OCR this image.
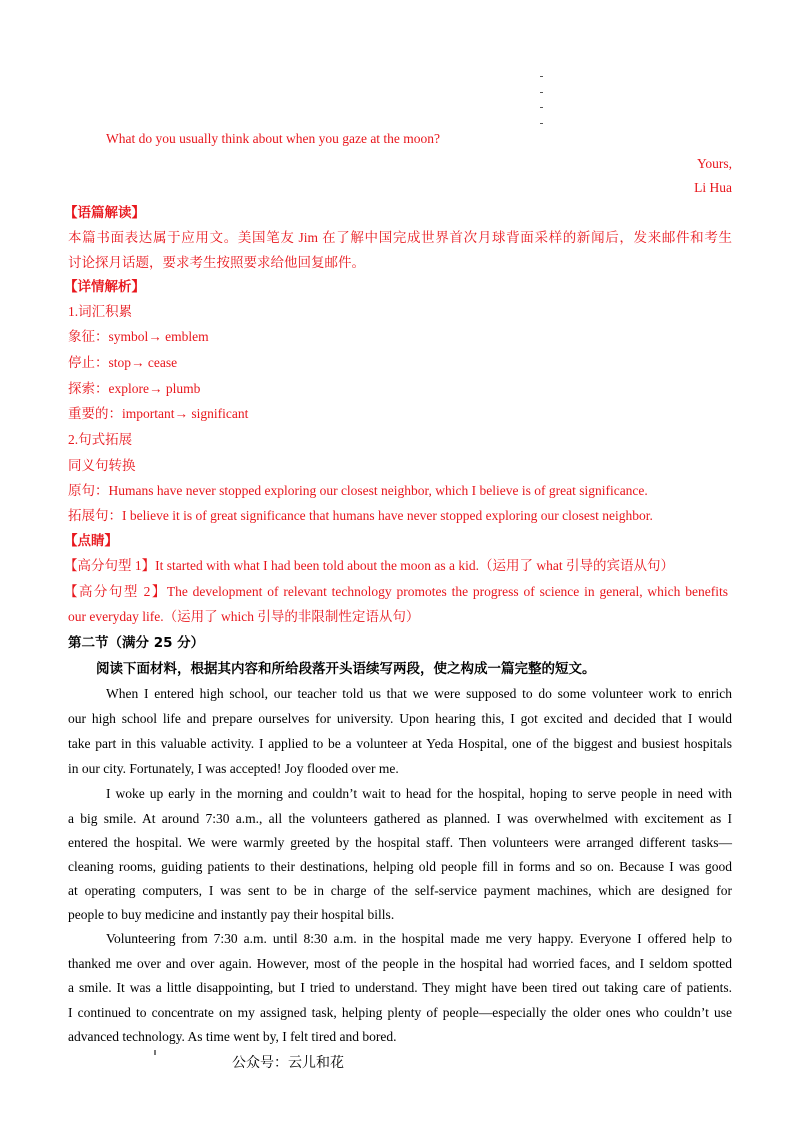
What do you usually think about when you gaze at the moon?
Yours,
Li Hua
【语篇解读】
本篇书面表达属于应用文。美国笔友 Jim 在了解中国完成世界首次月球背面采样的新闻后，发来邮件和考生
讨论探月话题，要求考生按照要求给他回复邮件。
【详情解析】
1.词汇积累
象征：symbol→ emblem
停止：stop→ cease
探索：explore→ plumb
重要的：important→ significant
2.句式拓展
同义句转换
原句：Humans have never stopped exploring our closest neighbor, which I believe is of great significance.
拓展句：I believe it is of great significance that humans have never stopped exploring our closest neighbor.
【点睛】
【高分句型 1】It started with what I had been told about the moon as a kid.（运用了 what 引导的宾语从句）
【高分句型 2】The development of relevant technology promotes the progress of science in general, which benefits
our everyday life.（运用了 which 引导的非限制性定语从句）
第二节（满分 25 分）
阅读下面材料，根据其内容和所给段落开头语续写两段，使之构成一篇完整的短文。
When I entered high school, our teacher told us that we were supposed to do some volunteer work to enrich
our high school life and prepare ourselves for university. Upon hearing this, I got excited and decided that I would
take part in this valuable activity. I applied to be a volunteer at Yeda Hospital, one of the biggest and busiest hospitals
in our city. Fortunately, I was accepted! Joy flooded over me.
I woke up early in the morning and couldn’t wait to head for the hospital, hoping to serve people in need with
a big smile. At around 7:30 a.m., all the volunteers gathered as planned. I was overwhelmed with excitement as I
entered the hospital. We were warmly greeted by the hospital staff. Then volunteers were arranged different tasks—
cleaning rooms, guiding patients to their destinations, helping old people fill in forms and so on. Because I was good
at operating computers, I was sent to be in charge of the self-service payment machines, which are designed for
people to buy medicine and instantly pay their hospital bills.
Volunteering from 7:30 a.m. until 8:30 a.m. in the hospital made me very happy. Everyone I offered help to
thanked me over and over again. However, most of the people in the hospital had worried faces, and I seldom spotted
a smile. It was a little disappointing, but I tried to understand. They might have been tired out taking care of patients.
I continued to concentrate on my assigned task, helping plenty of people—especially the older ones who couldn’t use
advanced technology. As time went by, I felt tired and bored.
公众号：云儿和花
